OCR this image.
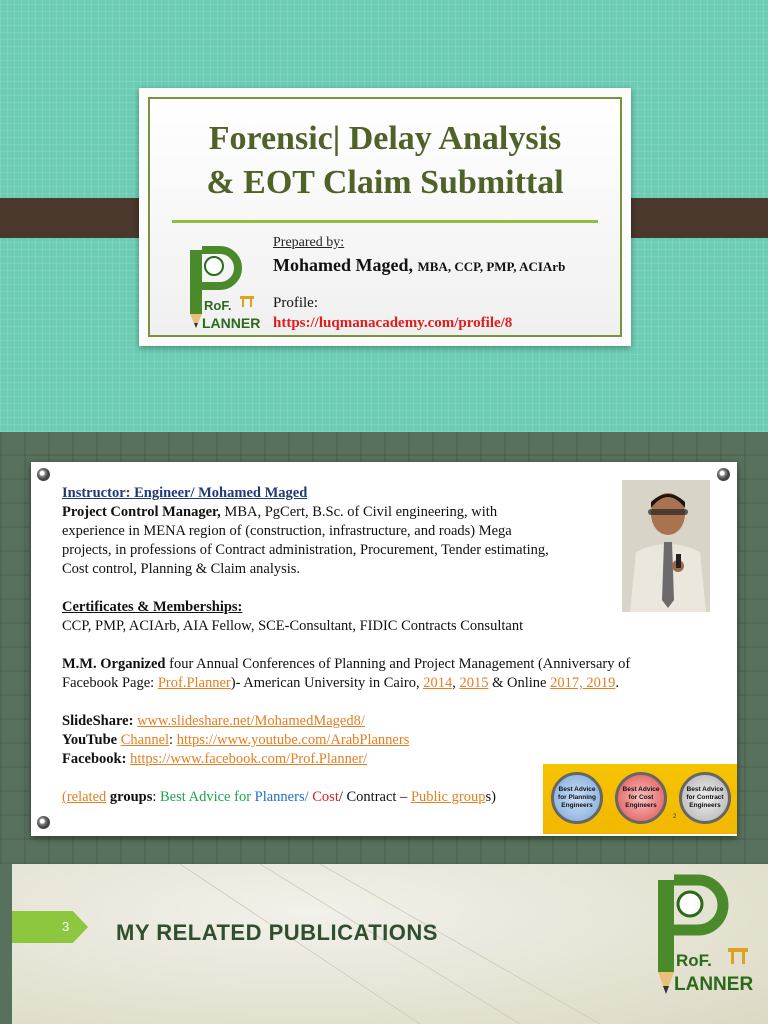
Forensic| Delay Analysis
& EOT Claim Submittal
RoF.
LANNER
Prepared by:
Mohamed Maged, MBA, CCP, PMP, ACIArb
Profile:
https://luqmanacademy.com/profile/8
Instructor: Engineer/ Mohamed Maged
Project Control Manager, MBA, PgCert, B.Sc. of Civil engineering, with
experience in MENA region of (construction, infrastructure, and roads) Mega
projects, in professions of Contract administration, Procurement, Tender estimating,
Cost control, Planning & Claim analysis.
Certificates & Memberships:
CCP, PMP, ACIArb, AIA Fellow, SCE-Consultant, FIDIC Contracts Consultant
M.M. Organized four Annual Conferences of Planning and Project Management (Anniversary of
Facebook Page: Prof.Planner)- American University in Cairo, 2014, 2015 & Online 2017, 2019.
SlideShare: www.slideshare.net/MohamedMaged8/
YouTube Channel: https://www.youtube.com/ArabPlanners
Facebook: https://www.facebook.com/Prof.Planner/
(related groups: Best Advice for Planners/ Cost/ Contract – Public groups)	Best Advice for Planning Engineers
Best Advice for Cost Engineers
Best Advice for Contract Engineers
2
3 MY RELATED PUBLICATIONS
RoF.
LANNER
